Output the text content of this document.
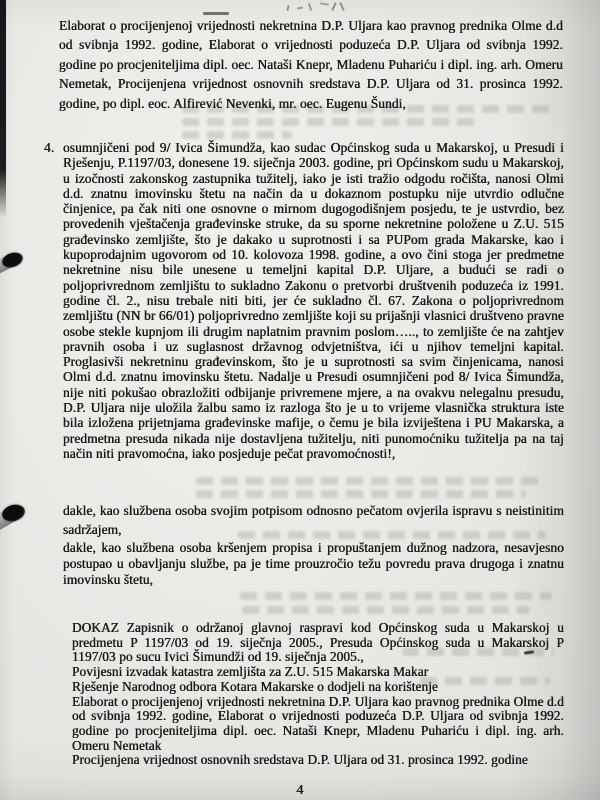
Elaborat o procijenjenoj vrijednosti nekretnina D.P. Uljara kao pravnog prednika Olme d.d od svibnja 1992. godine, Elaborat o vrijednosti poduzeća D.P. Uljara od svibnja 1992. godine po procjeniteljima dipl. oec. Nataši Knepr, Mladenu Puhariću i dipl. ing. arh. Omeru Nemetak, Procijenjena vrijednost osnovnih sredstava D.P. Uljara od 31. prosinca 1992. godine, po dipl. eoc. Alfirević Nevenki, mr. oec. Eugenu Šundi,
4. osumnjičeni pod 9/ Ivica Šimundža, kao sudac Općinskog suda u Makarskoj, u Presudi i Rješenju, P.1197/03, donesene 19. siječnja 2003. godine, pri Općinskom sudu u Makarskoj, u izočnosti zakonskog zastupnika tužitelj, iako je isti tražio odgodu ročišta, nanosi Olmi d.d. znatnu imovinsku štetu na način da u dokaznom postupku nije utvrdio odlučne činjenice, pa čak niti one osnovne o mirnom dugogodišnjem posjedu, te je ustvrdio, bez provedenih vještačenja građevinske struke, da su sporne nekretnine položene u Z.U. 515 građevinsko zemljište, što je dakako u suprotnosti i sa PUPom grada Makarske, kao i kupoprodajnim ugovorom od 10. kolovoza 1998. godine, a ovo čini stoga jer predmetne nekretnine nisu bile unesene u temeljni kapital D.P. Uljare, a budući se radi o poljoprivrednom zemljištu to sukladno Zakonu o pretvorbi društvenih poduzeća iz 1991. godine čl. 2., nisu trebale niti biti, jer će sukladno čl. 67. Zakona o poljoprivrednom zemljištu (NN br 66/01) poljoprivredno zemljište koji su prijašnji vlasnici društveno pravne osobe stekle kupnjom ili drugim naplatnim pravnim poslom….., to zemljište će na zahtjev pravnih osoba i uz suglasnost državnog odvjetništva, ići u njihov temeljni kapital. Proglasivši nekretninu građevinskom, što je u suprotnosti sa svim činjenicama, nanosi Olmi d.d. znatnu imovinsku štetu. Nadalje u Presudi osumnjičeni pod 8/ Ivica Šimundža, nije niti pokušao obrazložiti odbijanje privremene mjere, a na ovakvu nelegalnu presudu, D.P. Uljara nije uložila žalbu samo iz razloga što je u to vrijeme vlasnička struktura iste bila izložena prijetnjama građevinske mafije, o čemu je bila izviještena i PU Makarska, a predmetna presuda nikada nije dostavljena tužitelju, niti punomoćniku tužitelja pa na taj način niti pravomoćna, iako posjeduje pečat pravomoćnosti!,
dakle, kao službena osoba svojim potpisom odnosno pečatom ovjerila ispravu s neistinitim sadržajem,
dakle, kao službena osoba kršenjem propisa i propuštanjem dužnog nadzora, nesavjesno postupao u obavljanju službe, pa je time prouzročio težu povredu prava drugoga i znatnu imovinsku štetu,
DOKAZ Zapisnik o održanoj glavnoj raspravi kod Općinskog suda u Makarskoj u predmetu P 1197/03 od 19. siječnja 2005., Presuda Općinskog suda u Makarskoj P 1197/03 po sucu Ivici Šimundži od 19. siječnja 2005.,
Povijesni izvadak katastra zemljišta za Z.U. 515 Makarska Makar
Rješenje Narodnog odbora Kotara Makarske o dodjeli na korištenje
Elaborat o procijenjenoj vrijednosti nekretnina D.P. Uljara kao pravnog prednika Olme d.d od svibnja 1992. godine, Elaborat o vrijednosti poduzeća D.P. Uljara od svibnja 1992. godine po procjeniteljima dipl. oec. Nataši Knepr, Mladenu Puhariću i dipl. ing. arh. Omeru Nemetak
Procijenjena vrijednost osnovnih sredstava D.P. Uljara od 31. prosinca 1992. godine
4
